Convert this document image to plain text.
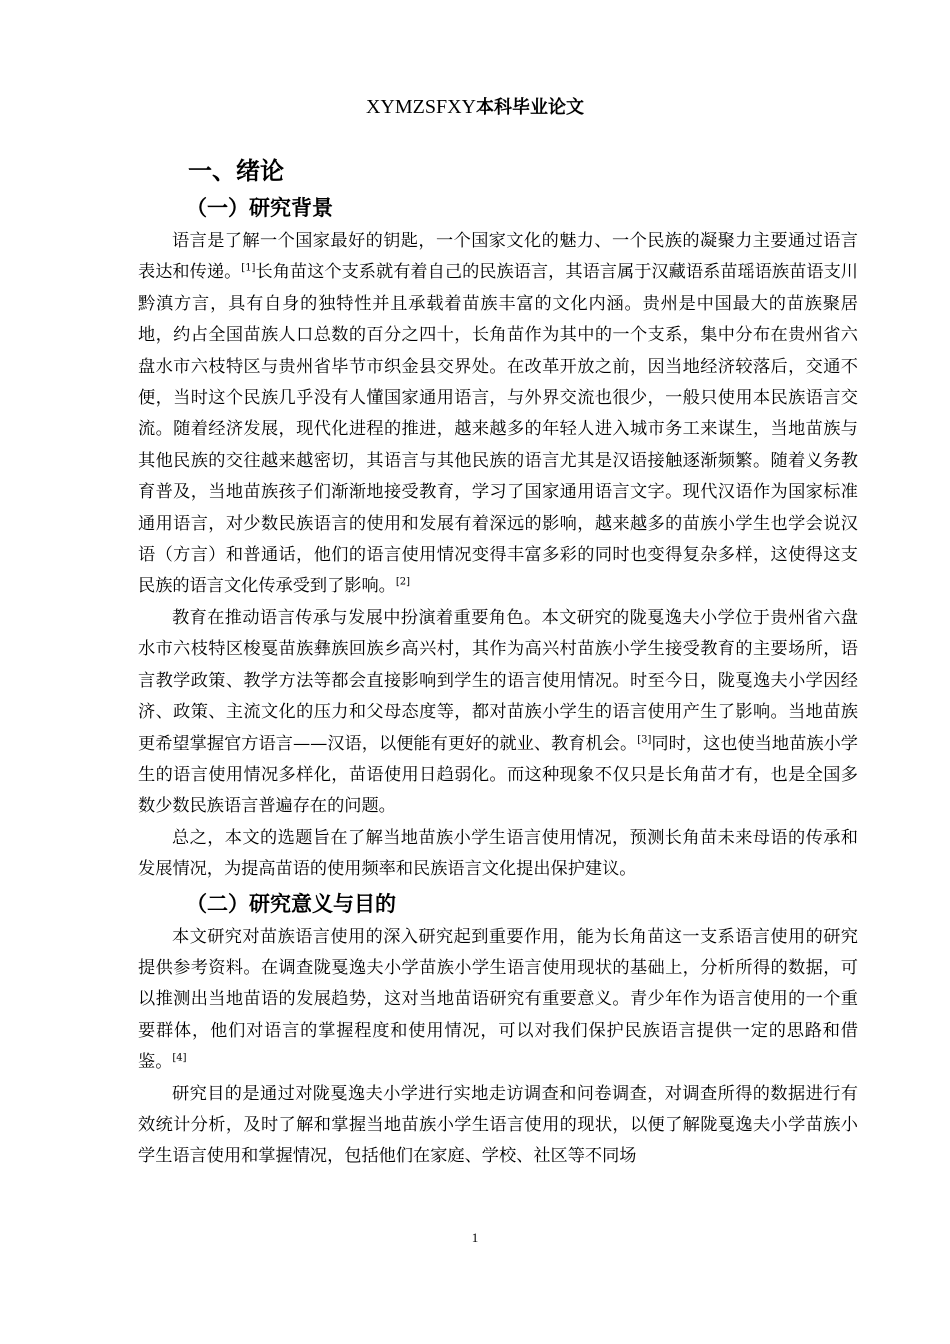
XYMZSFXY本科毕业论文
一、绪论
（一）研究背景

语言是了解一个国家最好的钥匙，一个国家文化的魅力、一个民族的凝聚力主要通过语言表达和传递。[1]长角苗这个支系就有着自己的民族语言，其语言属于汉藏语系苗瑶语族苗语支川黔滇方言，具有自身的独特性并且承载着苗族丰富的文化内涵。贵州是中国最大的苗族聚居地，约占全国苗族人口总数的百分之四十，长角苗作为其中的一个支系，集中分布在贵州省六盘水市六枝特区与贵州省毕节市织金县交界处。在改革开放之前，因当地经济较落后，交通不便，当时这个民族几乎没有人懂国家通用语言，与外界交流也很少，一般只使用本民族语言交流。随着经济发展，现代化进程的推进，越来越多的年轻人进入城市务工来谋生，当地苗族与其他民族的交往越来越密切，其语言与其他民族的语言尤其是汉语接触逐渐频繁。随着义务教育普及，当地苗族孩子们渐渐地接受教育，学习了国家通用语言文字。现代汉语作为国家标准通用语言，对少数民族语言的使用和发展有着深远的影响，越来越多的苗族小学生也学会说汉语（方言）和普通话，他们的语言使用情况变得丰富多彩的同时也变得复杂多样，这使得这支民族的语言文化传承受到了影响。[2]

教育在推动语言传承与发展中扮演着重要角色。本文研究的陇戛逸夫小学位于贵州省六盘水市六枝特区梭戛苗族彝族回族乡高兴村，其作为高兴村苗族小学生接受教育的主要场所，语言教学政策、教学方法等都会直接影响到学生的语言使用情况。时至今日，陇戛逸夫小学因经济、政策、主流文化的压力和父母态度等，都对苗族小学生的语言使用产生了影响。当地苗族更希望掌握官方语言——汉语，以便能有更好的就业、教育机会。[3]同时，这也使当地苗族小学生的语言使用情况多样化，苗语使用日趋弱化。而这种现象不仅只是长角苗才有，也是全国多数少数民族语言普遍存在的问题。

总之，本文的选题旨在了解当地苗族小学生语言使用情况，预测长角苗未来母语的传承和发展情况，为提高苗语的使用频率和民族语言文化提出保护建议。

（二）研究意义与目的

本文研究对苗族语言使用的深入研究起到重要作用，能为长角苗这一支系语言使用的研究提供参考资料。在调查陇戛逸夫小学苗族小学生语言使用现状的基础上，分析所得的数据，可以推测出当地苗语的发展趋势，这对当地苗语研究有重要意义。青少年作为语言使用的一个重要群体，他们对语言的掌握程度和使用情况，可以对我们保护民族语言提供一定的思路和借鉴。[4]

研究目的是通过对陇戛逸夫小学进行实地走访调查和问卷调查，对调查所得的数据进行有效统计分析，及时了解和掌握当地苗族小学生语言使用的现状，以便了解陇戛逸夫小学苗族小学生语言使用和掌握情况，包括他们在家庭、学校、社区等不同场

1
